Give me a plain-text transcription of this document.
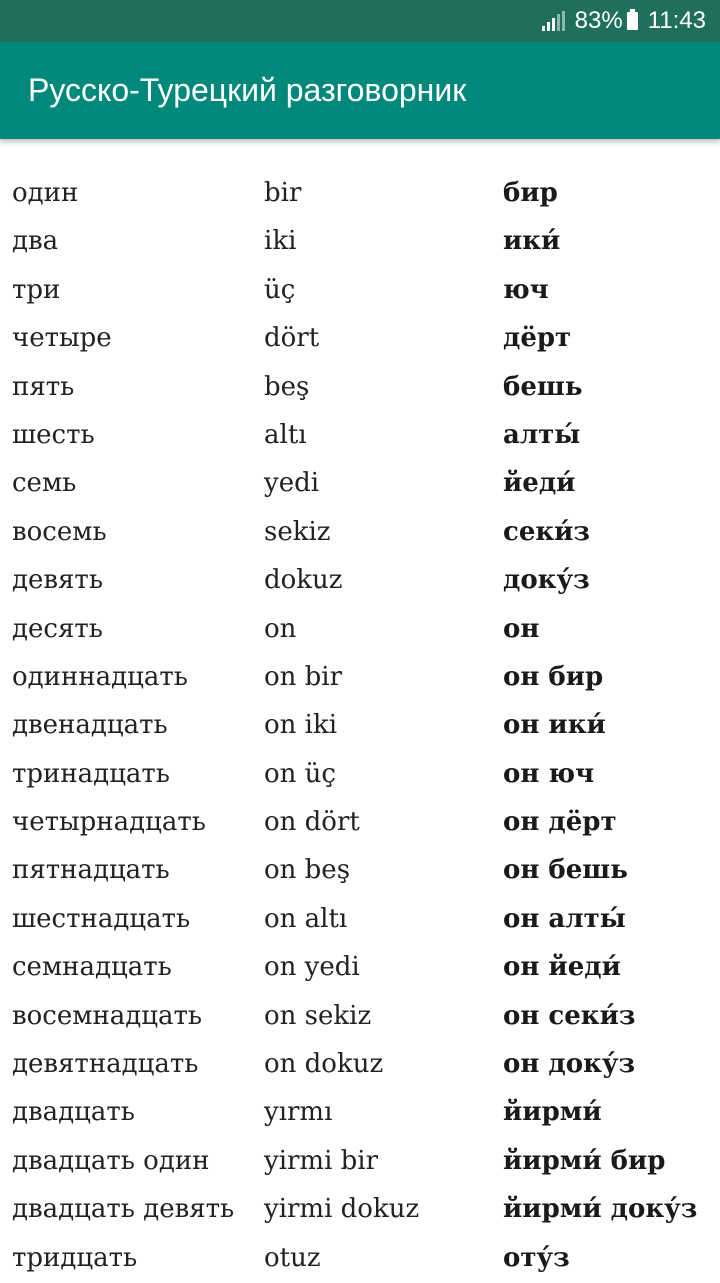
83% 11:43
Русско-Турецкий разговорник
один	bir	бир
два	iki	ики́
три	üç	юч
четыре	dört	дёрт
пять	beş	бешь
шесть	altı	алты́
семь	yedi	йеди́
восемь	sekiz	секи́з
девять	dokuz	доку́з
десять	on	он
одиннадцать	on bir	он бир
двенадцать	on iki	он ики́
тринадцать	on üç	он юч
четырнадцать on dört	он дёрт
пятнадцать	on beş	он бешь
шестнадцать	on altı	он алты́
семнадцать	on yedi	он йеди́
восемнадцать on sekiz	он секи́з
девятнадцать	on dokuz	он доку́з
двадцать	yırmı	йирми́
двадцать один yirmi bir	йирми́ бир
двадцать девять yirmi dokuz	йирми́ доку́з
тридцать	otuz	оту́з
